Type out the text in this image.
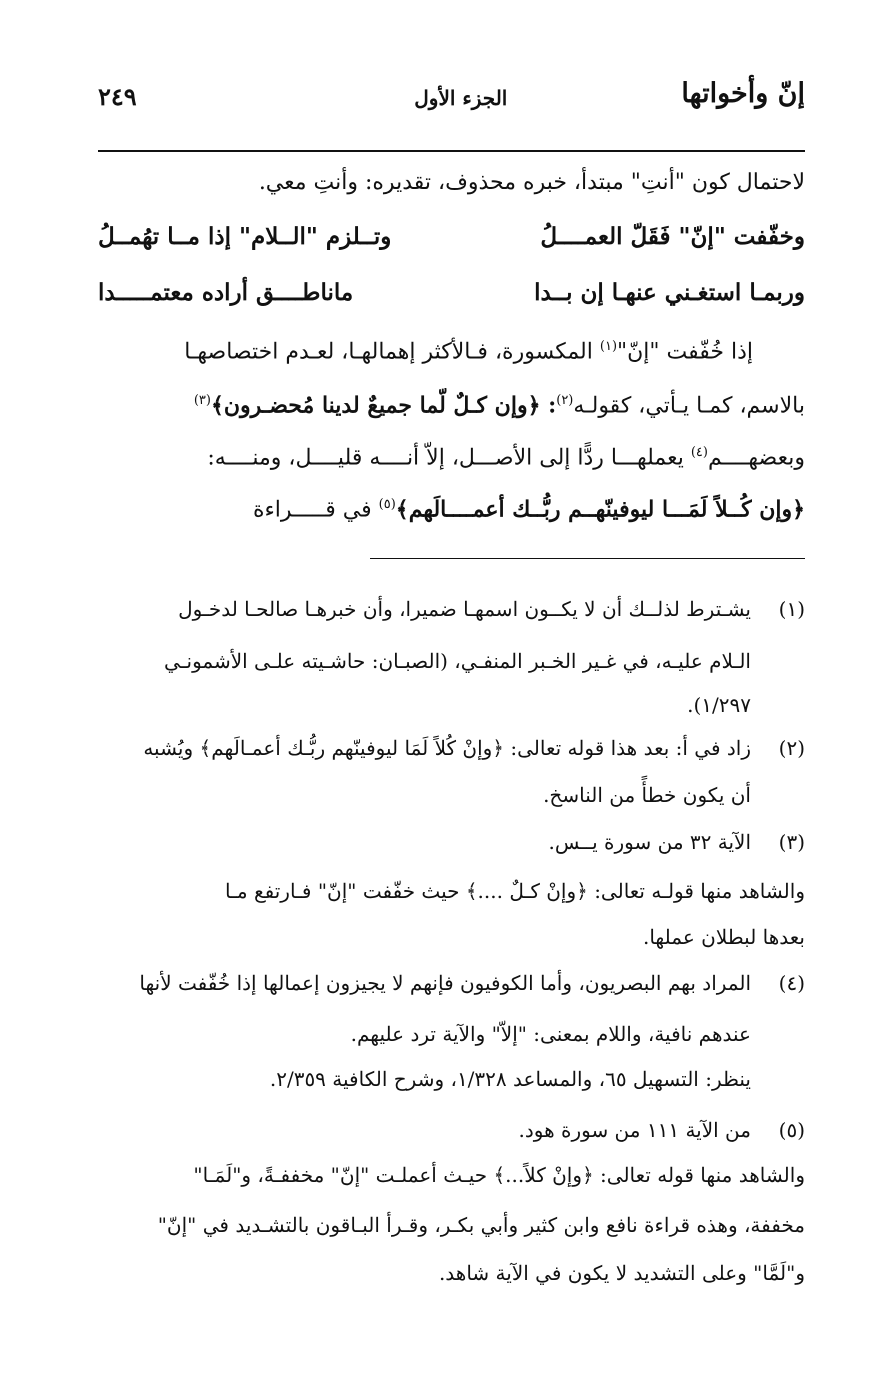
إنّ وأخواتها
الجزء الأول
٢٤٩
لاحتمال كون "أنتِ" مبتدأ، خبره محذوف، تقديره: وأنتِ معي.
وخفّفت "إنّ" فَقَلّ العمــــلُ
وتــلزم "الــلام" إذا مــا تهُمــلُ
وربمـا استغـني عنهـا إن بــدا
ماناطــــق أراده معتمـــــدا
إذا خُفّفت "إنّ"$^{(١)}$ المكسورة، فـالأكثر إهمالهـا، لعـدم اختصاصهـا
بالاسم، كمـا يـأتي، كقولـه$^{(٢)}$: ﴿وإن كـلٌ لّما جميعٌ لدينا مُحضـرون﴾$^{(٣)}$
وبعضهــــم$^{(٤)}$ يعملهـــا ردًّا إلى الأصـــل، إلاّ أنــــه قليــــل، ومنــــه:
﴿وإن كُــلاً لَمَـــا ليوفينّهــم ربُّــك أعمــــالَهم﴾$^{(٥)}$ في قـــــراءة
(١)
يشـترط لذلــك أن لا يكــون اسمهـا ضميرا، وأن خبرهـا صالحـا لدخـول
الـلام عليـه، في غـير الخـبر المنفـي، (الصبـان: حاشـيته علـى الأشمونـي
١/٢٩٧).
(٢)
زاد في أ: بعد هذا قوله تعالى: ﴿وإنْ كُلاً لَمَا ليوفينّهم ربُّـك أعمـالَهم﴾ ويُشبه
أن يكون خطأً من الناسخ.
(٣)
الآية ٣٢ من سورة يــس.
والشاهد منها قولـه تعالى: ﴿وإنْ كـلٌ ....﴾ حيث خفّفت "إنّ" فـارتفع مـا
بعدها لبطلان عملها.
(٤)
المراد بهم البصريون، وأما الكوفيون فإنهم لا يجيزون إعمالها إذا خُفّفت لأنها
عندهم نافية، واللام بمعنى: "إلاّ" والآية ترد عليهم.
ينظر: التسهيل ٦٥، والمساعد ١/٣٢٨، وشرح الكافية ٢/٣٥٩.
(٥)
من الآية ١١١ من سورة هود.
والشاهد منها قوله تعالى: ﴿وإنْ كلاً...﴾ حيـث أعملـت "إنّ" مخففـةً، و"لَمَـا"
مخففة، وهذه قراءة نافع وابن كثير وأبي بكـر، وقـرأ البـاقون بالتشـديد في "إنّ"
و"لَمَّا" وعلى التشديد لا يكون في الآية شاهد.
